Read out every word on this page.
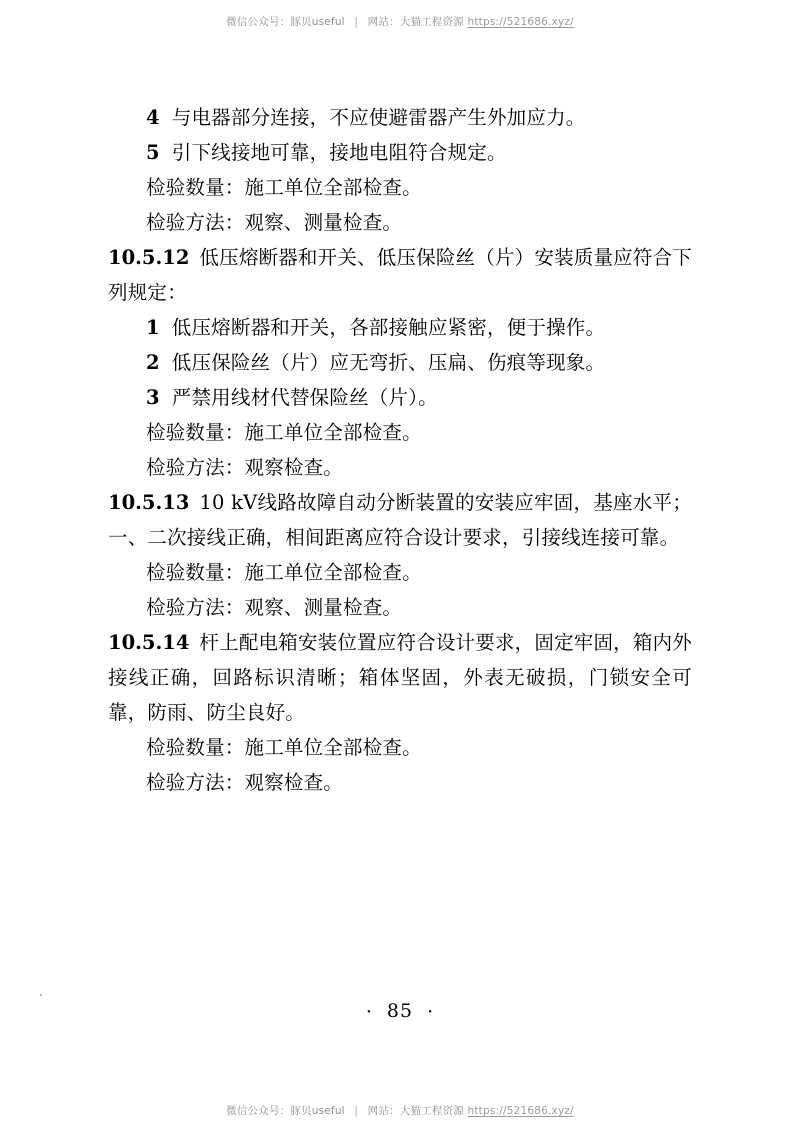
微信公众号：豚贝useful | 网站：大猫工程资源 https://521686.xyz/
4 与电器部分连接，不应使避雷器产生外加应力。
5 引下线接地可靠，接地电阻符合规定。
检验数量：施工单位全部检查。
检验方法：观察、测量检查。
10.5.12 低压熔断器和开关、低压保险丝（片）安装质量应符合下列规定：
1 低压熔断器和开关，各部接触应紧密，便于操作。
2 低压保险丝（片）应无弯折、压扁、伤痕等现象。
3 严禁用线材代替保险丝（片）。
检验数量：施工单位全部检查。
检验方法：观察检查。
10.5.13 10 kV线路故障自动分断装置的安装应牢固，基座水平；一、二次接线正确，相间距离应符合设计要求，引接线连接可靠。
检验数量：施工单位全部检查。
检验方法：观察、测量检查。
10.5.14 杆上配电箱安装位置应符合设计要求，固定牢固，箱内外接线正确，回路标识清晰；箱体坚固，外表无破损，门锁安全可靠，防雨、防尘良好。
检验数量：施工单位全部检查。
检验方法：观察检查。
· 85 ·
微信公众号：豚贝useful | 网站：大猫工程资源 https://521686.xyz/
